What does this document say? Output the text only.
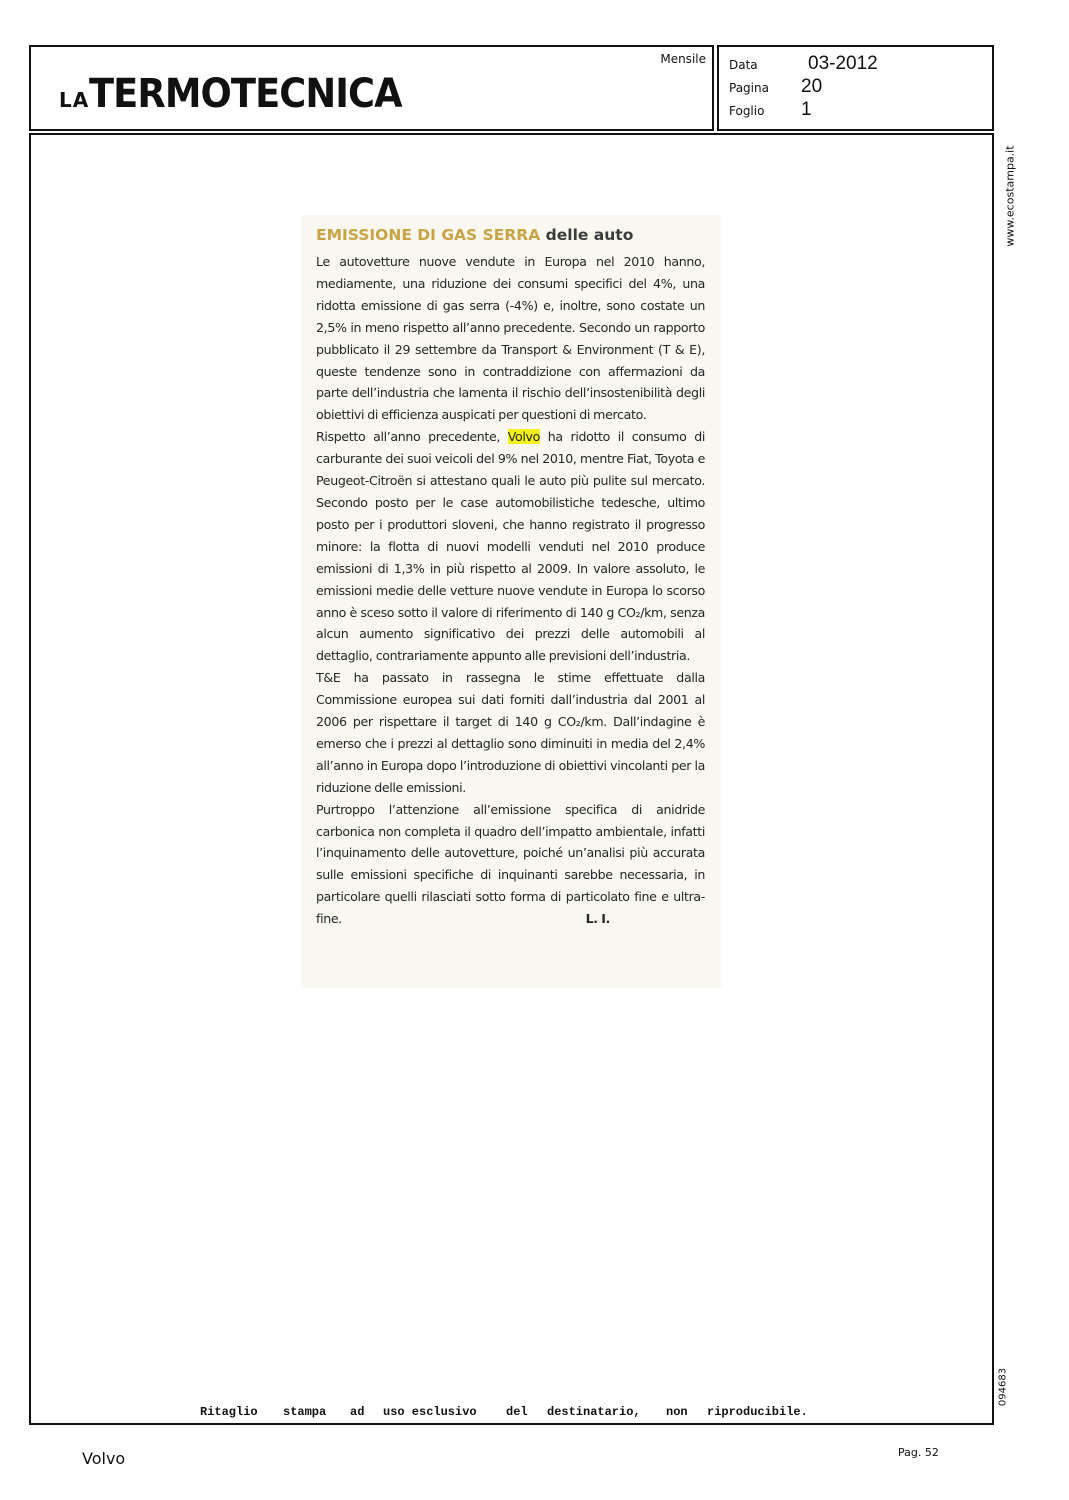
LATERMOTECNICA
Mensile Data	03-2012
Pagina 20
Foglio 1
www.ecostampa.it
094683
Ritaglio stampa ad uso esclusivo del destinatario, non riproducibile.
EMISSIONE DI GAS SERRA delle auto

Le autovetture nuove vendute in Europa nel 2010 hanno, mediamente, una riduzione dei consumi specifici del 4%, una ridotta emissione di gas serra (-4%) e, inoltre, sono costate un 2,5% in meno rispetto all’anno precedente. Secondo un rapporto pubblicato il 29 settembre da Transport & Environment (T & E), queste tendenze sono in contraddizione con affermazioni da parte dell’industria che lamenta il rischio dell’insostenibilità degli obiettivi di efficienza auspicati per questioni di mercato.

Rispetto all’anno precedente, Volvo ha ridotto il consumo di carburante dei suoi veicoli del 9% nel 2010, mentre Fiat, Toyota e Peugeot-Citroën si attestano quali le auto più pulite sul mercato. Secondo posto per le case automobilistiche tedesche, ultimo posto per i produttori sloveni, che hanno registrato il progresso minore: la flotta di nuovi modelli venduti nel 2010 produce emissioni di 1,3% in più rispetto al 2009. In valore assoluto, le emissioni medie delle vetture nuove vendute in Europa lo scorso anno è sceso sotto il valore di riferimento di 140 g CO₂/km, senza alcun aumento significativo dei prezzi delle automobili al dettaglio, contrariamente appunto alle previsioni dell’industria.

T&E ha passato in rassegna le stime effettuate dalla Commissione europea sui dati forniti dall’industria dal 2001 al 2006 per rispettare il target di 140 g CO₂/km. Dall’indagine è emerso che i prezzi al dettaglio sono diminuiti in media del 2,4% all’anno in Europa dopo l’introduzione di obiettivi vincolanti per la riduzione delle emissioni.

Purtroppo l’attenzione all’emissione specifica di anidride carbonica non completa il quadro dell’impatto ambientale, infatti l’inquinamento delle autovetture, poiché un’analisi più accurata sulle emissioni specifiche di inquinanti sarebbe necessaria, in particolare quelli rilasciati sotto forma di particolato fine e ultra-fine.	L. I.

Volvo	Pag. 52
